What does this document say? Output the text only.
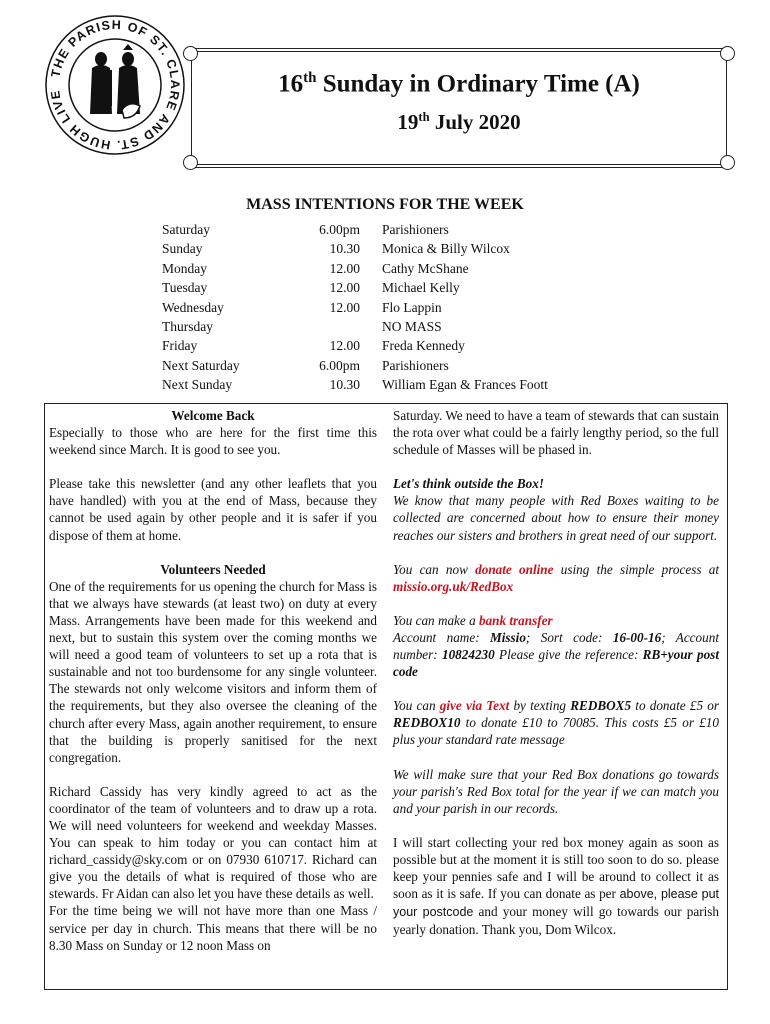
THE PARISH OF ST. CLARE AND ST. HUGH LIVE	16th Sunday in Ordinary Time (A)
19th July 2020
MASS INTENTIONS FOR THE WEEK
Saturday	6.00pm Parishioners
Sunday	10.30 Monica & Billy Wilcox
Monday	12.00 Cathy McShane
Tuesday	12.00 Michael Kelly
Wednesday	12.00 Flo Lappin
Thursday	NO MASS
Friday	12.00 Freda Kennedy
Next Saturday	6.00pm Parishioners
Next Sunday	10.30 William Egan & Frances Foott

Welcome Back

Especially to those who are here for the first time this weekend since March. It is good to see you.

Please take this newsletter (and any other leaflets that you have handled) with you at the end of Mass, because they cannot be used again by other people and it is safer if you dispose of them at home.

Volunteers Needed

One of the requirements for us opening the church for Mass is that we always have stewards (at least two) on duty at every Mass. Arrangements have been made for this weekend and next, but to sustain this system over the coming months we will need a good team of volunteers to set up a rota that is sustainable and not too burdensome for any single volunteer. The stewards not only welcome visitors and inform them of the requirements, but they also oversee the cleaning of the church after every Mass, again another requirement, to ensure that the building is properly sanitised for the next congregation.

Richard Cassidy has very kindly agreed to act as the coordinator of the team of volunteers and to draw up a rota. We will need volunteers for weekend and weekday Masses. You can speak to him today or you can contact him at richard_cassidy@sky.com or on 07930 610717. Richard can give you the details of what is required of those who are stewards. Fr Aidan can also let you have these details as well.

For the time being we will not have more than one Mass / service per day in church. This means that there will be no 8.30 Mass on Sunday or 12 noon Mass on

Saturday. We need to have a team of stewards that can sustain the rota over what could be a fairly lengthy period, so the full schedule of Masses will be phased in.

Let's think outside the Box!

We know that many people with Red Boxes waiting to be collected are concerned about how to ensure their money reaches our sisters and brothers in great need of our support.

You can now donate online using the simple process at missio.org.uk/RedBox

You can make a bank transfer
Account name: Missio; Sort code: 16-00-16; Account number: 10824230 Please give the reference: RB+your post code

You can give via Text by texting REDBOX5 to donate £5 or REDBOX10 to donate £10 to 70085. This costs £5 or £10 plus your standard rate message

We will make sure that your Red Box donations go towards your parish's Red Box total for the year if we can match you and your parish in our records.

I will start collecting your red box money again as soon as possible but at the moment it is still too soon to do so. please keep your pennies safe and I will be around to collect it as soon as it is safe. If you can donate as per above, please put your postcode and your money will go towards our parish yearly donation. Thank you, Dom Wilcox.
